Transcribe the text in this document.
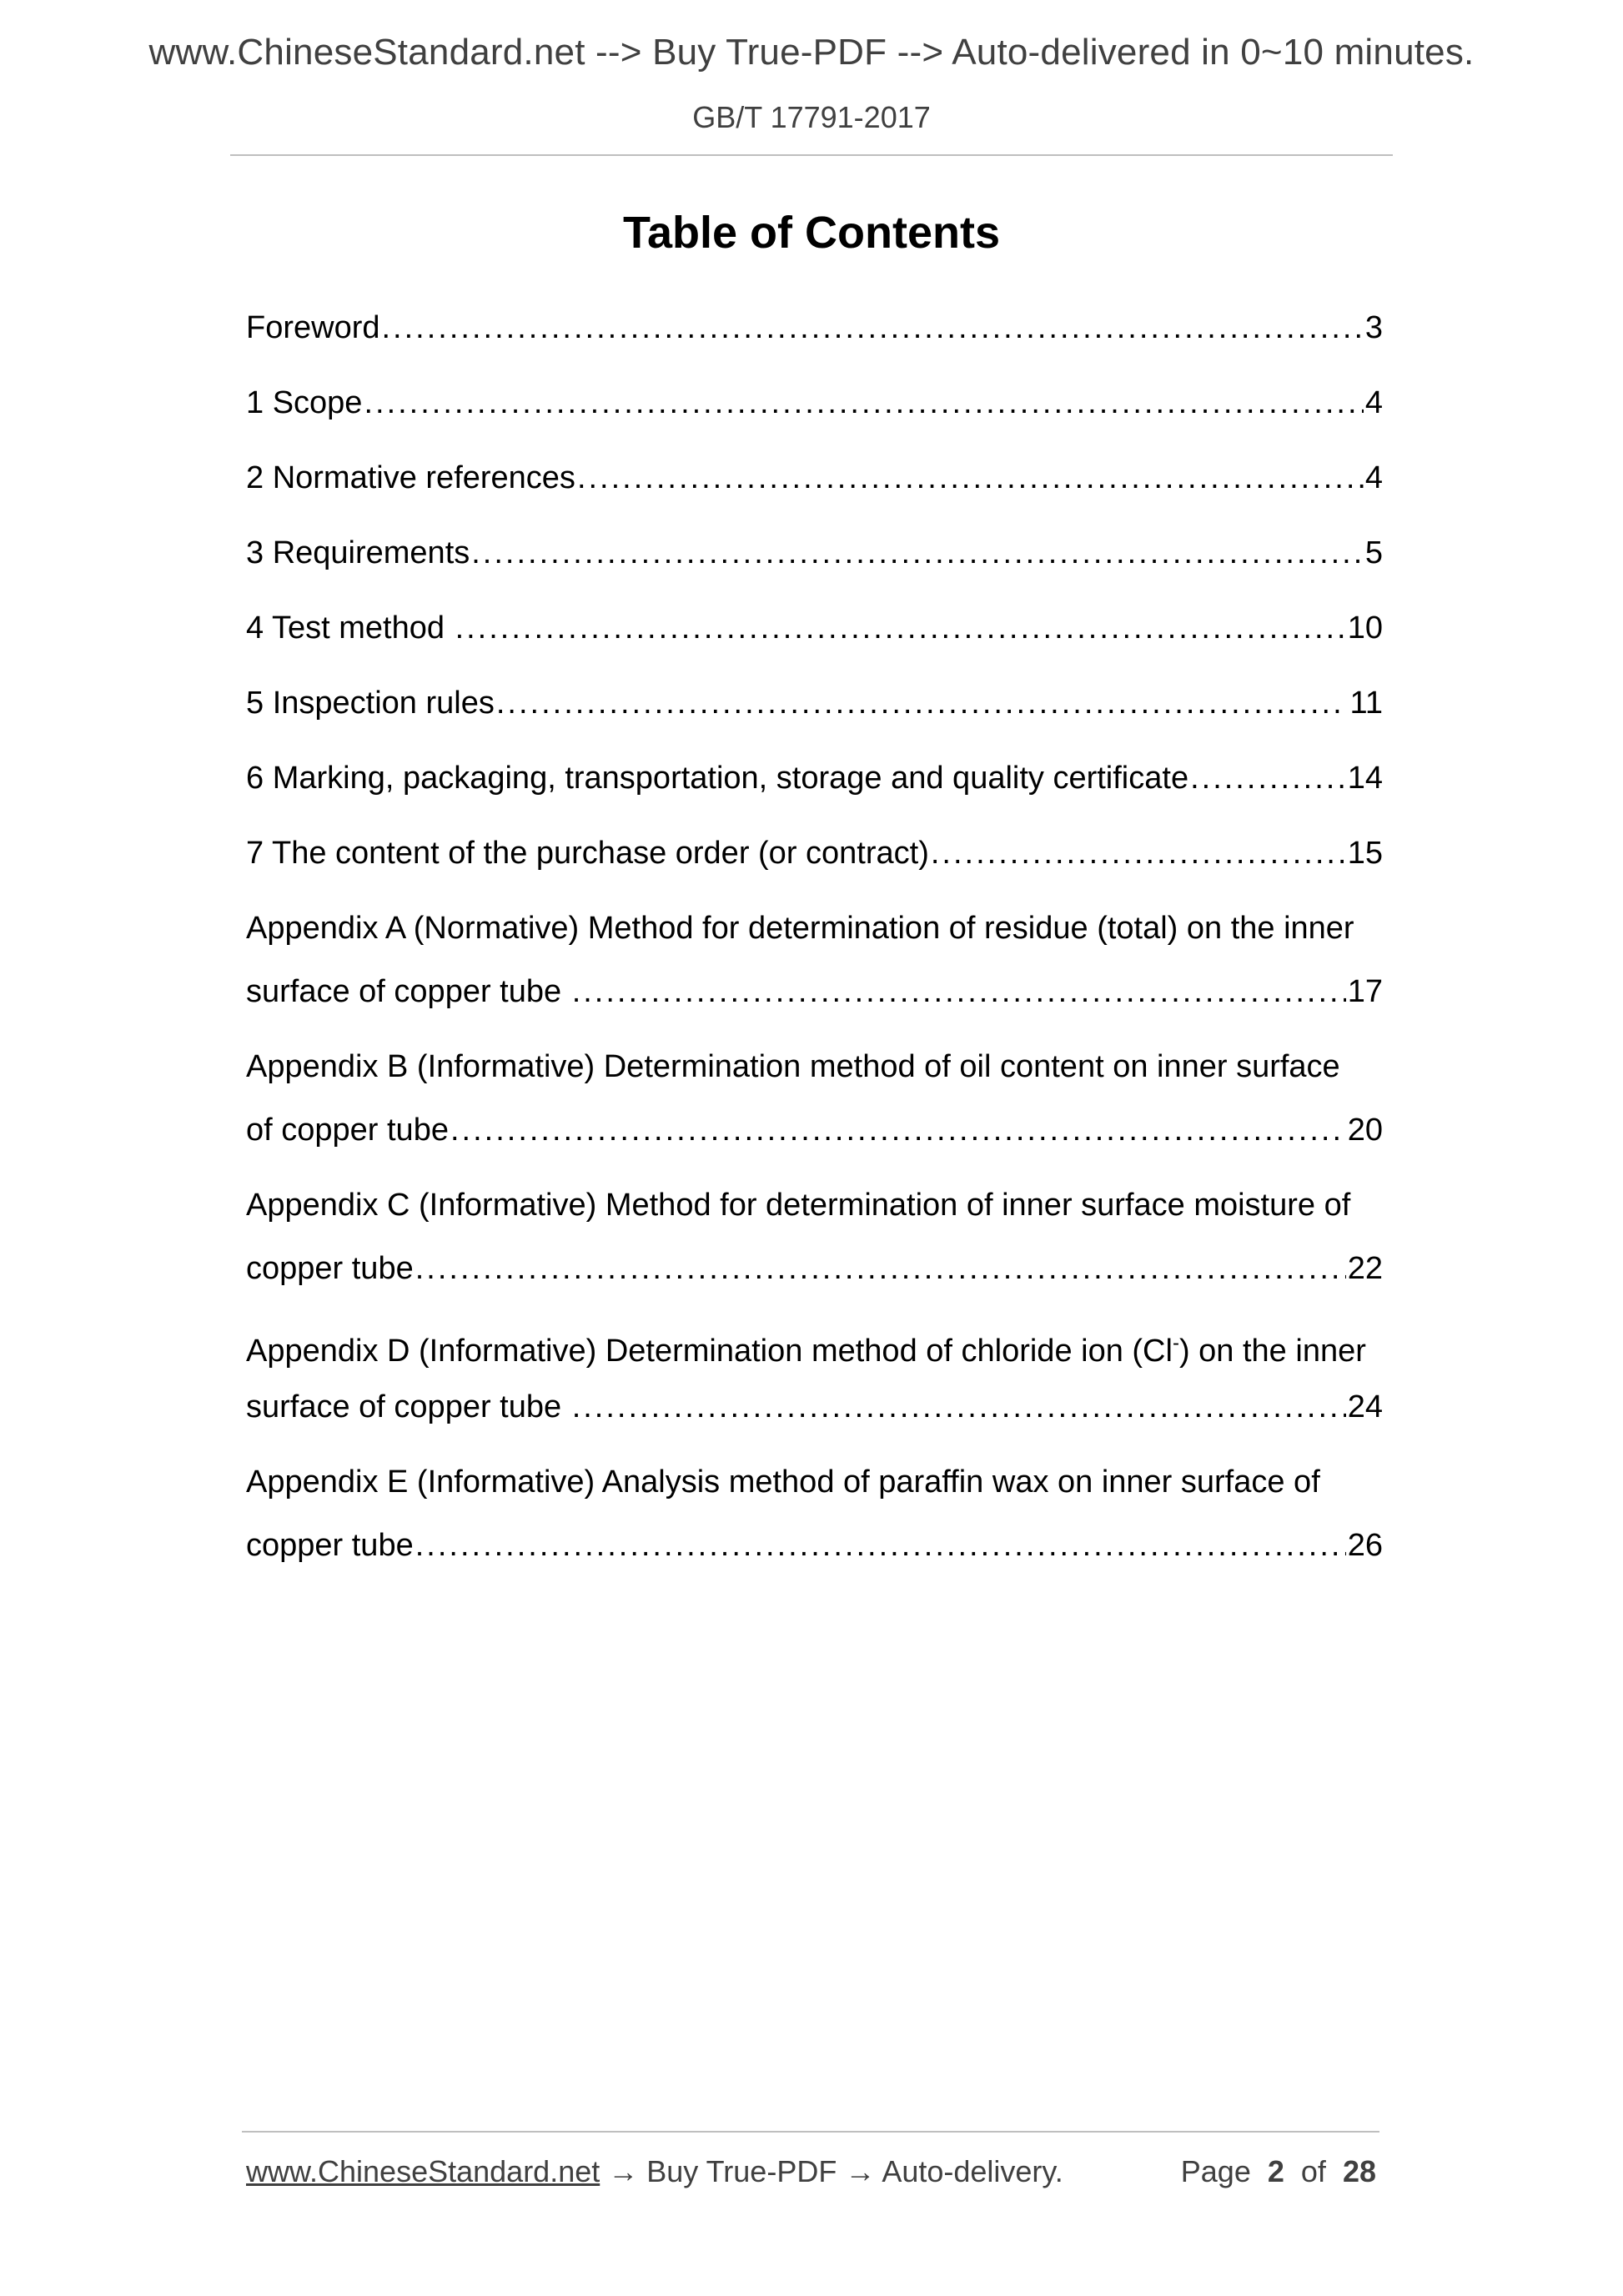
www.ChineseStandard.net --> Buy True-PDF --> Auto-delivered in 0~10 minutes.
GB/T 17791-2017
Table of Contents
Foreword .....	3
1 Scope .....	4
2 Normative references .....	4
3 Requirements .....	5
4 Test method .....	10
5 Inspection rules .....	11
6 Marking, packaging, transportation, storage and quality certificate .....	14
7 The content of the purchase order (or contract) .....	15
Appendix A (Normative) Method for determination of residue (total) on the inner
surface of copper tube .....	17
Appendix B (Informative) Determination method of oil content on inner surface
of copper tube .....	20
Appendix C (Informative) Method for determination of inner surface moisture of
copper tube .....	22
Appendix D (Informative) Determination method of chloride ion (Cl-) on the inner
surface of copper tube .....	24
Appendix E (Informative) Analysis method of paraffin wax on inner surface of
copper tube .....	26
www.ChineseStandard.net → Buy True-PDF → Auto-delivery.	Page 2 of 28
